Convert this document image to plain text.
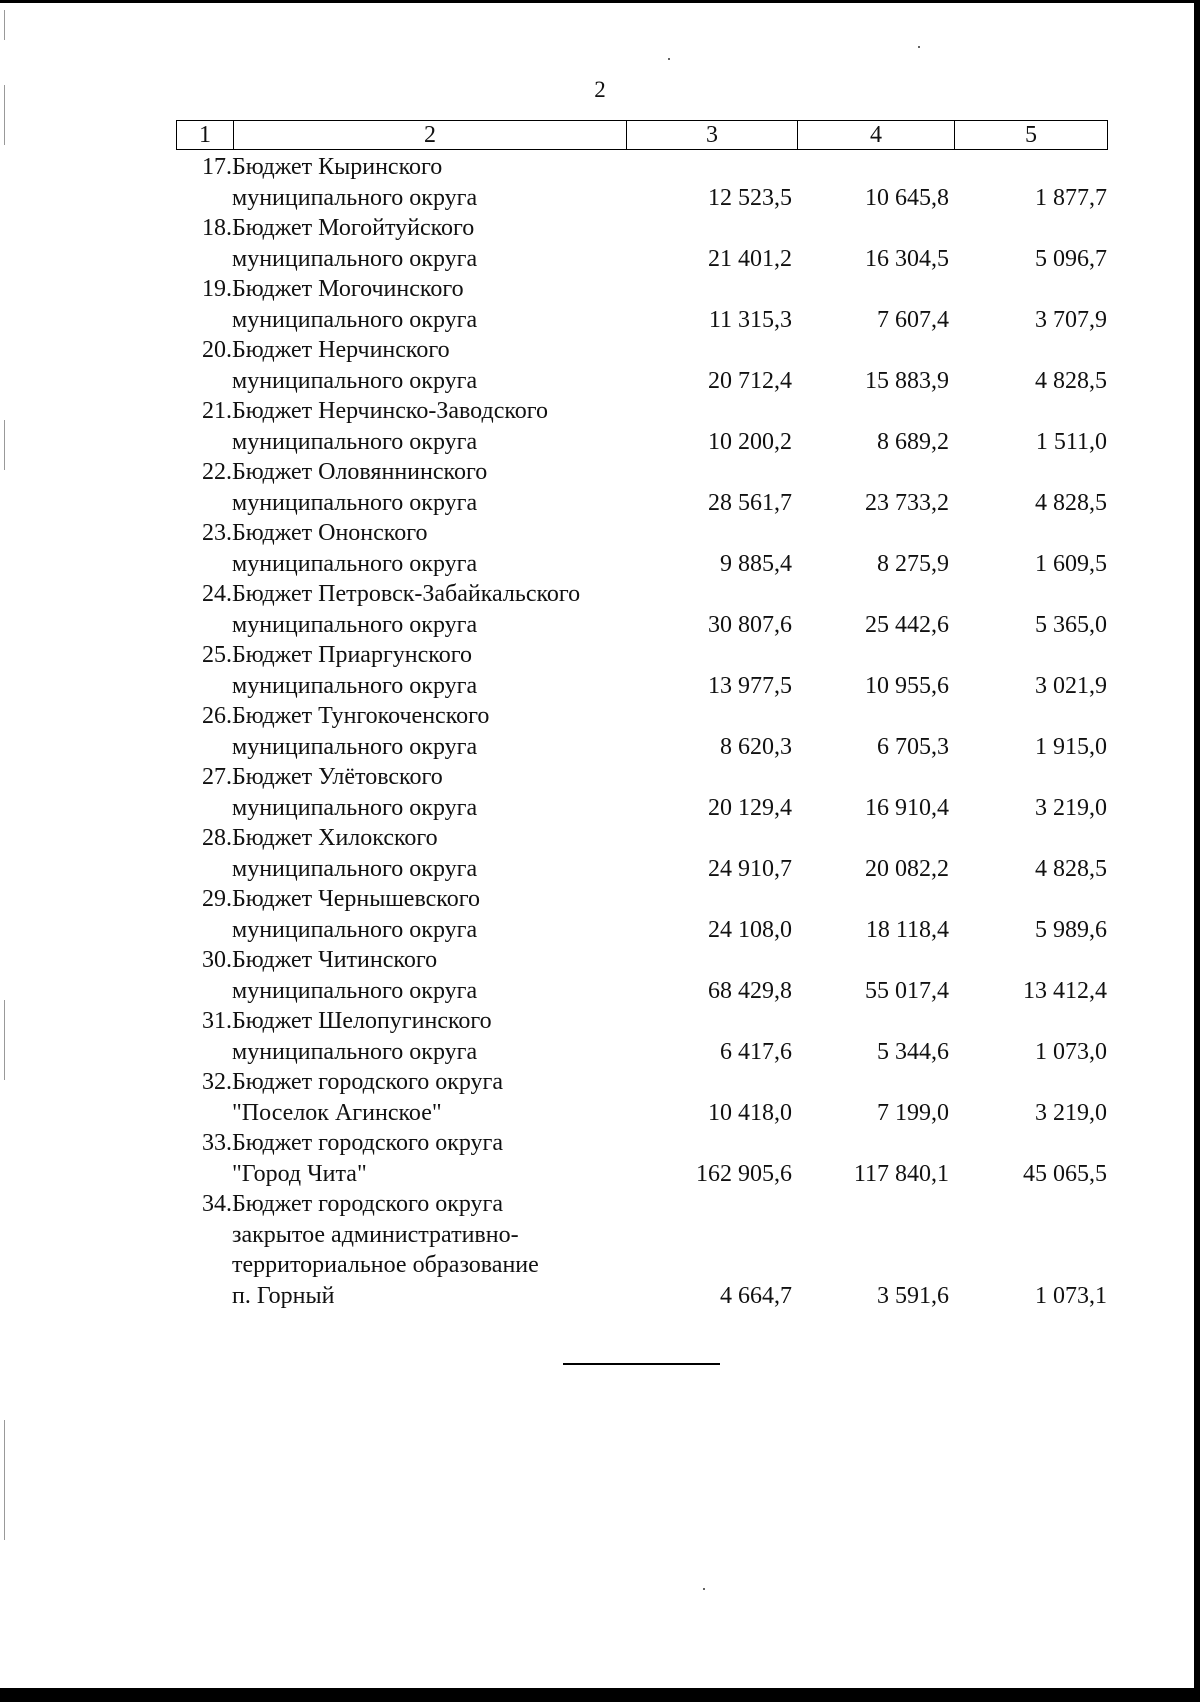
2
1	2	3	4	5
17. Бюджет Кыринского
муниципального округа	12 523,5	10 645,8	1 877,7
18. Бюджет Могойтуйского
муниципального округа	21 401,2	16 304,5	5 096,7
19. Бюджет Могочинского
муниципального округа	11 315,3	7 607,4	3 707,9
20. Бюджет Нерчинского
муниципального округа	20 712,4	15 883,9	4 828,5
21. Бюджет Нерчинско-Заводского
муниципального округа	10 200,2	8 689,2	1 511,0
22. Бюджет Оловяннинского
муниципального округа	28 561,7	23 733,2	4 828,5
23. Бюджет Ононского
муниципального округа	9 885,4	8 275,9	1 609,5
24. Бюджет Петровск-Забайкальского
муниципального округа	30 807,6	25 442,6	5 365,0
25. Бюджет Приаргунского
муниципального округа	13 977,5	10 955,6	3 021,9
26. Бюджет Тунгокоченского
муниципального округа	8 620,3	6 705,3	1 915,0
27. Бюджет Улётовского
муниципального округа	20 129,4	16 910,4	3 219,0
28. Бюджет Хилокского
муниципального округа	24 910,7	20 082,2	4 828,5
29. Бюджет Чернышевского
муниципального округа	24 108,0	18 118,4	5 989,6
30. Бюджет Читинского
муниципального округа	68 429,8	55 017,4	13 412,4
31. Бюджет Шелопугинского
муниципального округа	6 417,6	5 344,6	1 073,0
32. Бюджет городского округа
"Поселок Агинское"	10 418,0	7 199,0	3 219,0
33. Бюджет городского округа
"Город Чита"	162 905,6	117 840,1	45 065,5
34. Бюджет городского округа
закрытое административно-
территориальное образование
п. Горный	4 664,7	3 591,6	1 073,1
